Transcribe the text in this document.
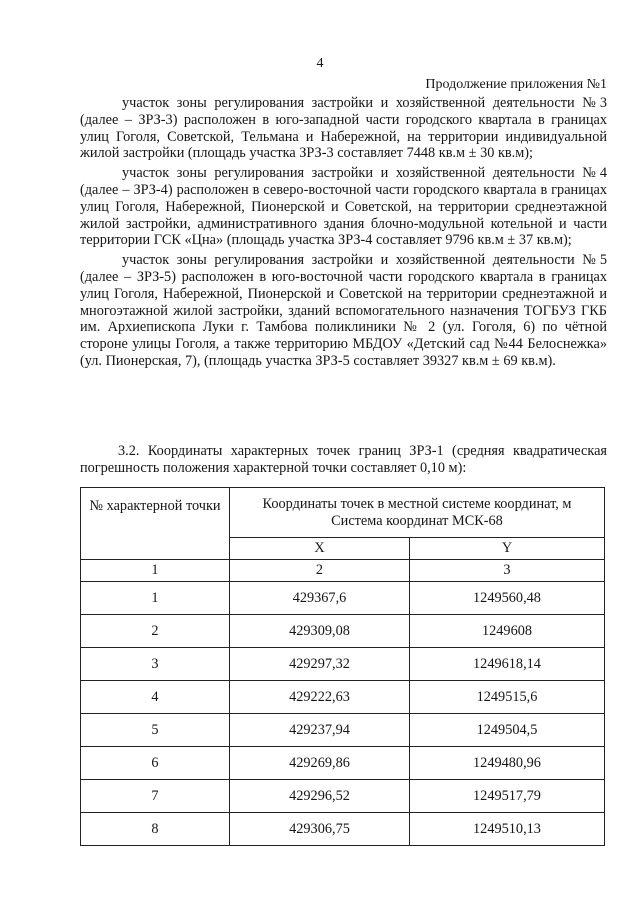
4
Продолжение приложения №1

участок зоны регулирования застройки и хозяйственной деятельности №3 (далее – ЗРЗ-3) расположен в юго-западной части городского квартала в границах улиц Гоголя, Советской, Тельмана и Набережной, на территории индивидуальной жилой застройки (площадь участка ЗРЗ-3 составляет 7448 кв.м ± 30 кв.м);

участок зоны регулирования застройки и хозяйственной деятельности №4 (далее – ЗРЗ-4) расположен в северо-восточной части городского квартала в границах улиц Гоголя, Набережной, Пионерской и Советской, на территории среднеэтажной жилой застройки, административного здания блочно-модульной котельной и части территории ГСК «Цна» (площадь участка ЗРЗ-4 составляет 9796 кв.м ± 37 кв.м);

участок зоны регулирования застройки и хозяйственной деятельности №5 (далее – ЗРЗ-5) расположен в юго-восточной части городского квартала в границах улиц Гоголя, Набережной, Пионерской и Советской на территории среднеэтажной и многоэтажной жилой застройки, зданий вспомогательного назначения ТОГБУЗ ГКБ им. Архиепископа Луки г. Тамбова поликлиники № 2 (ул. Гоголя, 6) по чётной стороне улицы Гоголя, а также территорию МБДОУ «Детский сад №44 Белоснежка» (ул. Пионерская, 7), (площадь участка ЗРЗ-5 составляет 39327 кв.м ± 69 кв.м).

3.2. Координаты характерных точек границ ЗРЗ-1 (средняя квадратическая погрешность положения характерной точки составляет 0,10 м):

№ характерной точки	Координаты точек в местной системе координат, м
Система координат МСК-68	
	X	Y
1	2	3
1	429367,6	1249560,48
2	429309,08	1249608
3	429297,32	1249618,14
4	429222,63	1249515,6
5	429237,94	1249504,5
6	429269,86	1249480,96
7	429296,52	1249517,79
8	429306,75	1249510,13
